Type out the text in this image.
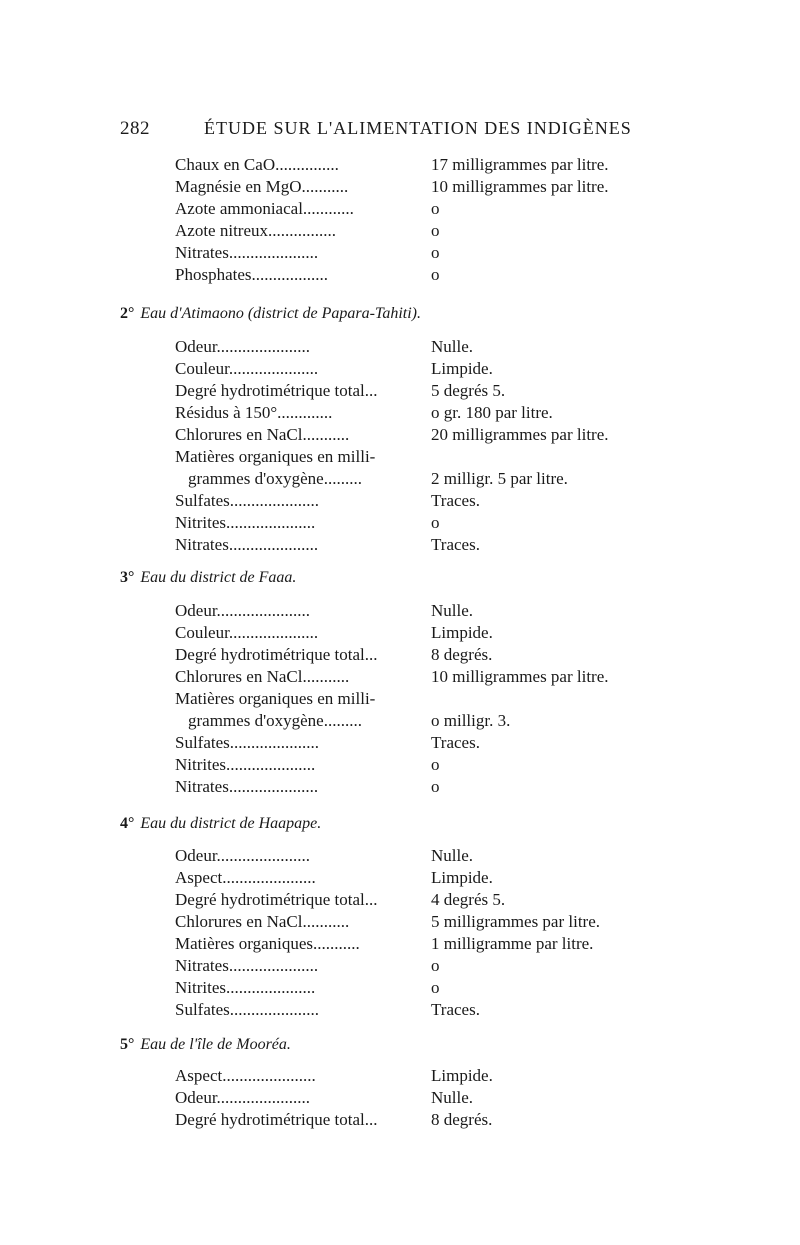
282	ÉTUDE SUR L'ALIMENTATION DES INDIGÈNES
Chaux en CaO...............	17 milligrammes par litre.
Magnésie en MgO...........	10 milligrammes par litre.
Azote ammoniacal............	o
Azote nitreux................	o
Nitrates.....................	o
Phosphates..................	o
2° Eau d'Atimaono (district de Papara-Tahiti).
Odeur......................	Nulle.
Couleur.....................	Limpide.
Degré hydrotimétrique total...	5 degrés 5.
Résidus à 150°.............	o gr. 180 par litre.
Chlorures en NaCl...........	20 milligrammes par litre.
Matières organiques en milli-
grammes d'oxygène.........	2 milligr. 5 par litre.
Sulfates.....................	Traces.
Nitrites.....................	o
Nitrates.....................	Traces.
3° Eau du district de Faaa.
Odeur......................	Nulle.
Couleur.....................	Limpide.
Degré hydrotimétrique total...	8 degrés.
Chlorures en NaCl...........	10 milligrammes par litre.
Matières organiques en milli-
grammes d'oxygène.........	o milligr. 3.
Sulfates.....................	Traces.
Nitrites.....................	o
Nitrates.....................	o
4° Eau du district de Haapape.
Odeur......................	Nulle.
Aspect......................	Limpide.
Degré hydrotimétrique total...	4 degrés 5.
Chlorures en NaCl...........	5 milligrammes par litre.
Matières organiques...........	1 milligramme par litre.
Nitrates.....................	o
Nitrites.....................	o
Sulfates.....................	Traces.
5° Eau de l'île de Mooréa.
Aspect......................	Limpide.
Odeur......................	Nulle.
Degré hydrotimétrique total...	8 degrés.
